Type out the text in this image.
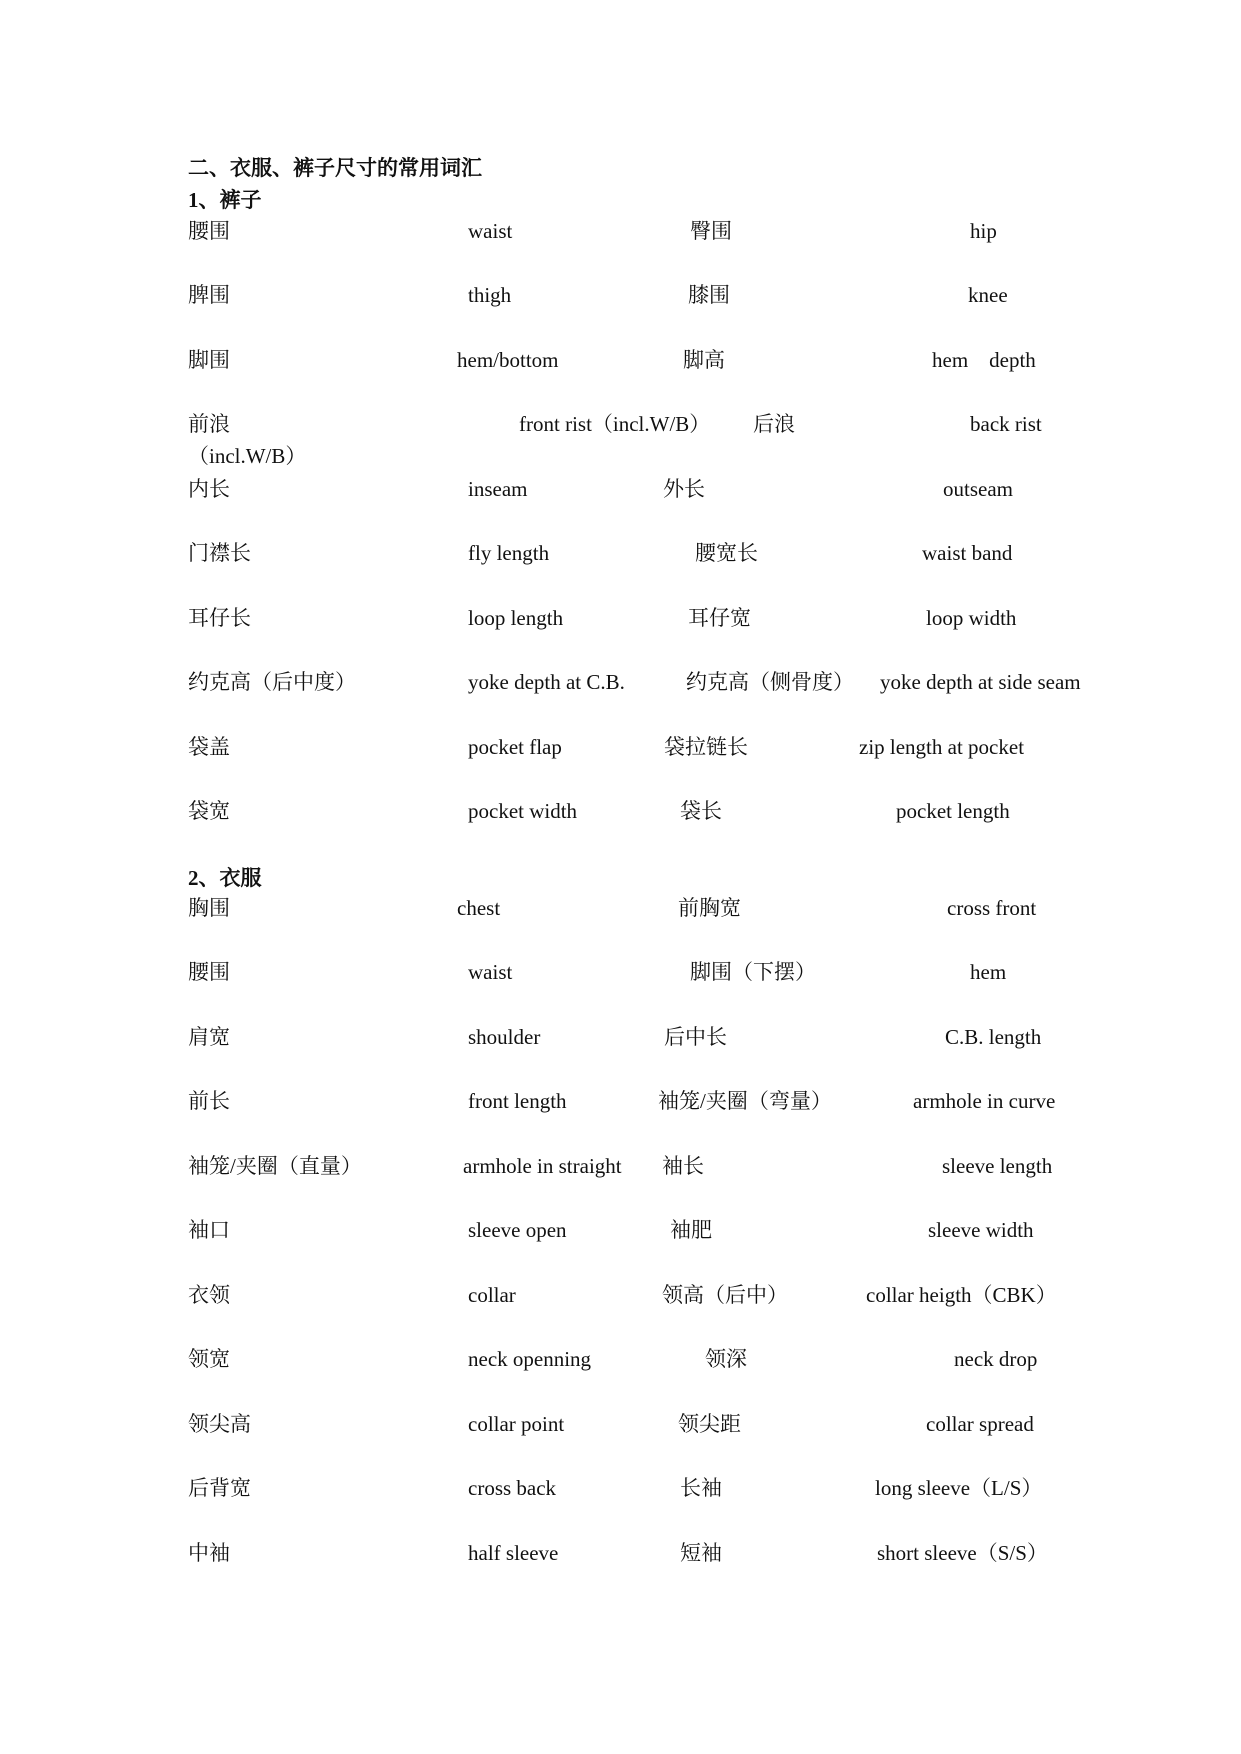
二、衣服、裤子尺寸的常用词汇
1、裤子
腰围	waist	臀围	hip
脾围	thigh	膝围	knee
脚围	hem/bottom	脚高	hem　depth
前浪	front rist（incl.W/B） 后浪	back rist
（incl.W/B）
内长	inseam	外长	outseam
门襟长	fly length	腰宽长	waist band
耳仔长	loop length	耳仔宽	loop width
约克高（后中度）	yoke depth at C.B.	约克高（侧骨度） yoke depth at side seam
袋盖	pocket flap	袋拉链长	zip length at pocket
袋宽	pocket width	袋长	pocket length
2、衣服
胸围	chest	前胸宽	cross front
腰围	waist	脚围（下摆）	hem
肩宽	shoulder	后中长	C.B. length
前长	front length	袖笼/夹圈（弯量）	armhole in curve
袖笼/夹圈（直量）	armhole in straight 袖长	sleeve length
袖口	sleeve open	袖肥	sleeve width
衣领	collar	领高（后中）	collar heigth（CBK）
领宽	neck openning	领深	neck drop
领尖高	collar point	领尖距	collar spread
后背宽	cross back	长袖	long sleeve（L/S）
中袖	half sleeve	短袖	short sleeve（S/S）
